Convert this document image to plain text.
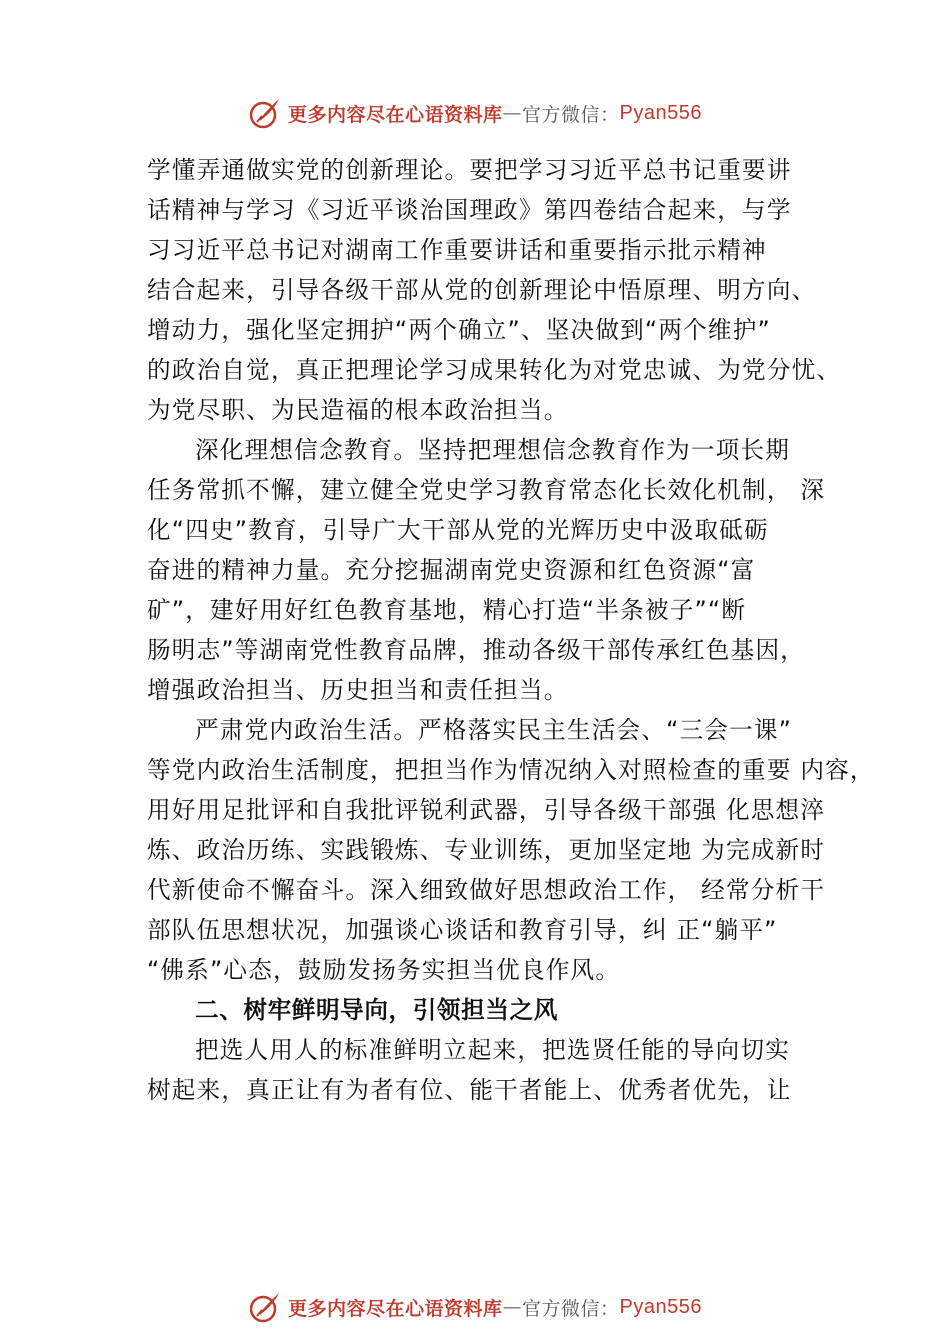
更多内容尽在心语资料库 — 官方微信： Pyan556
学懂弄通做实党的创新理论。要把学习习近平总书记重要讲
话精神与学习《习近平谈治国理政》第四卷结合起来，与学
习习近平总书记对湖南工作重要讲话和重要指示批示精神
结合起来，引导各级干部从党的创新理论中悟原理、明方向、
增动力，强化坚定拥护“两个确立”、坚决做到“两个维护”
的政治自觉，真正把理论学习成果转化为对党忠诚、为党分忧、
为党尽职、为民造福的根本政治担当。
深化理想信念教育。坚持把理想信念教育作为一项长期
任务常抓不懈，建立健全党史学习教育常态化长效化机制， 深
化“四史”教育，引导广大干部从党的光辉历史中汲取砥砺
奋进的精神力量。充分挖掘湖南党史资源和红色资源“富
矿”，建好用好红色教育基地，精心打造“半条被子”“断
肠明志”等湖南党性教育品牌，推动各级干部传承红色基因，
增强政治担当、历史担当和责任担当。
严肃党内政治生活。严格落实民主生活会、“三会一课”
等党内政治生活制度，把担当作为情况纳入对照检查的重要 内容，
用好用足批评和自我批评锐利武器，引导各级干部强 化思想淬
炼、政治历练、实践锻炼、专业训练，更加坚定地 为完成新时
代新使命不懈奋斗。深入细致做好思想政治工作， 经常分析干
部队伍思想状况，加强谈心谈话和教育引导，纠 正“躺平”
“佛系”心态，鼓励发扬务实担当优良作风。
二、树牢鲜明导向，引领担当之风
把选人用人的标准鲜明立起来，把选贤任能的导向切实
树起来，真正让有为者有位、能干者能上、优秀者优先，让
更多内容尽在心语资料库 — 官方微信： Pyan556
